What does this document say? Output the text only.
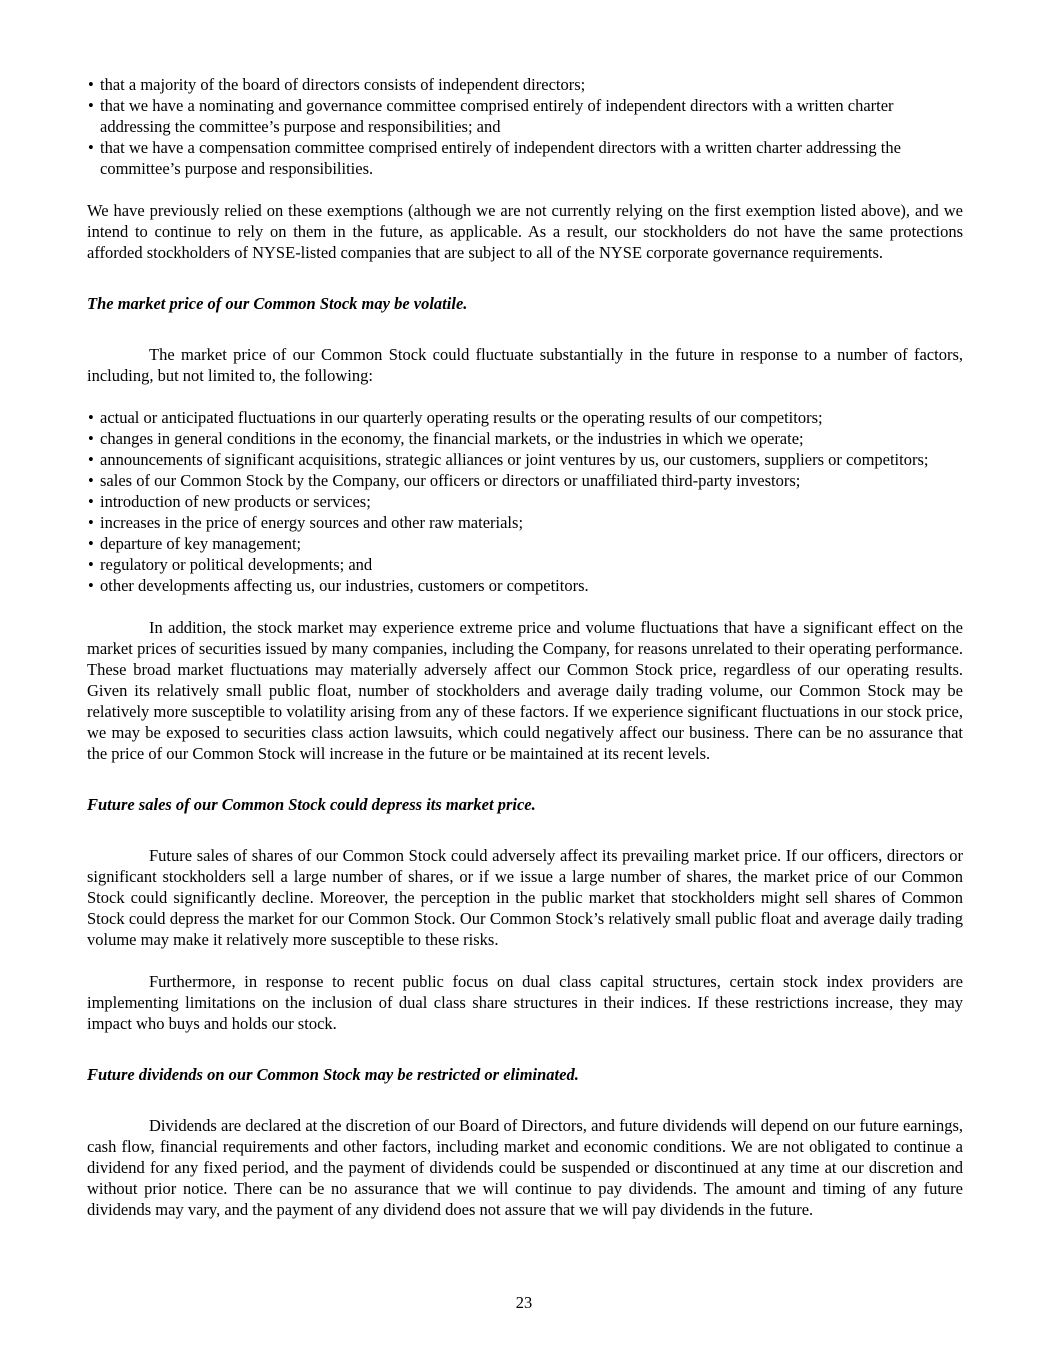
• that a majority of the board of directors consists of independent directors;
• that we have a nominating and governance committee comprised entirely of independent directors with a written charter addressing the committee’s purpose and responsibilities; and
• that we have a compensation committee comprised entirely of independent directors with a written charter addressing the committee’s purpose and responsibilities.

We have previously relied on these exemptions (although we are not currently relying on the first exemption listed above), and we intend to continue to rely on them in the future, as applicable. As a result, our stockholders do not have the same protections afforded stockholders of NYSE-listed companies that are subject to all of the NYSE corporate governance requirements.

The market price of our Common Stock may be volatile.

The market price of our Common Stock could fluctuate substantially in the future in response to a number of factors, including, but not limited to, the following:

• actual or anticipated fluctuations in our quarterly operating results or the operating results of our competitors;
• changes in general conditions in the economy, the financial markets, or the industries in which we operate;
• announcements of significant acquisitions, strategic alliances or joint ventures by us, our customers, suppliers or competitors;
• sales of our Common Stock by the Company, our officers or directors or unaffiliated third-party investors;
• introduction of new products or services;
• increases in the price of energy sources and other raw materials;
• departure of key management;
• regulatory or political developments; and
• other developments affecting us, our industries, customers or competitors.

In addition, the stock market may experience extreme price and volume fluctuations that have a significant effect on the market prices of securities issued by many companies, including the Company, for reasons unrelated to their operating performance. These broad market fluctuations may materially adversely affect our Common Stock price, regardless of our operating results. Given its relatively small public float, number of stockholders and average daily trading volume, our Common Stock may be relatively more susceptible to volatility arising from any of these factors. If we experience significant fluctuations in our stock price, we may be exposed to securities class action lawsuits, which could negatively affect our business. There can be no assurance that the price of our Common Stock will increase in the future or be maintained at its recent levels.

Future sales of our Common Stock could depress its market price.

Future sales of shares of our Common Stock could adversely affect its prevailing market price. If our officers, directors or significant stockholders sell a large number of shares, or if we issue a large number of shares, the market price of our Common Stock could significantly decline. Moreover, the perception in the public market that stockholders might sell shares of Common Stock could depress the market for our Common Stock. Our Common Stock’s relatively small public float and average daily trading volume may make it relatively more susceptible to these risks.

Furthermore, in response to recent public focus on dual class capital structures, certain stock index providers are implementing limitations on the inclusion of dual class share structures in their indices. If these restrictions increase, they may impact who buys and holds our stock.

Future dividends on our Common Stock may be restricted or eliminated.

Dividends are declared at the discretion of our Board of Directors, and future dividends will depend on our future earnings, cash flow, financial requirements and other factors, including market and economic conditions. We are not obligated to continue a dividend for any fixed period, and the payment of dividends could be suspended or discontinued at any time at our discretion and without prior notice. There can be no assurance that we will continue to pay dividends. The amount and timing of any future dividends may vary, and the payment of any dividend does not assure that we will pay dividends in the future.

23
